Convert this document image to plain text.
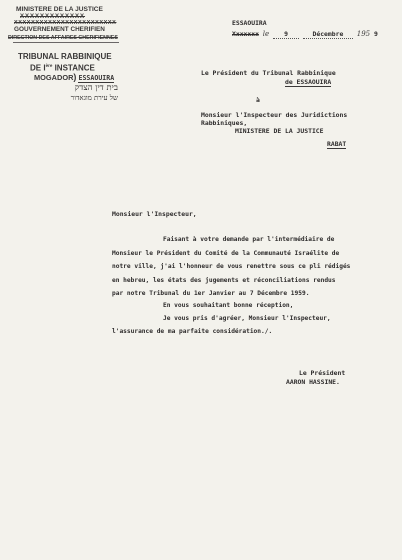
MINISTERE DE LA JUSTICE
XXXXXXXXXXXXX
XXXXXXXXXXXXXXXXXXXXXXXX
GOUVERNEMENT CHERIFIEN
DIRECTION DES AFFAIRES CHERIFIENNES
TRIBUNAL RABBINIQUE
DE Ière INSTANCE
MOGADOR) ESSAOUIRA
בית דין הצדק
של עירת מוגאדור
ESSAOUIRA
Xxxxxxx le 9	Décembre 195 9
Le Président du Tribunal Rabbinique
de ESSAOUIRA
à
Monsieur l'Inspecteur des Juridictions
Rabbiniques,
MINISTERE DE LA JUSTICE
RABAT
Monsieur l'Inspecteur,
Faisant à votre demande par l'intermédiaire de
Monsieur le Président du Comité de la Communauté Israélite de
notre ville, j'ai l'honneur de vous renettre sous ce pli rédigés
en hebreu, les états des jugements et réconciliations rendus
par notre Tribunal du 1er Janvier au 7 Décembre 1959.
En vous souhaitant bonne réception,
Je vous pris d'agréer, Monsieur l'Inspecteur,
l'assurance de ma parfaite considération./.
Le Président
AARON HASSINE.
